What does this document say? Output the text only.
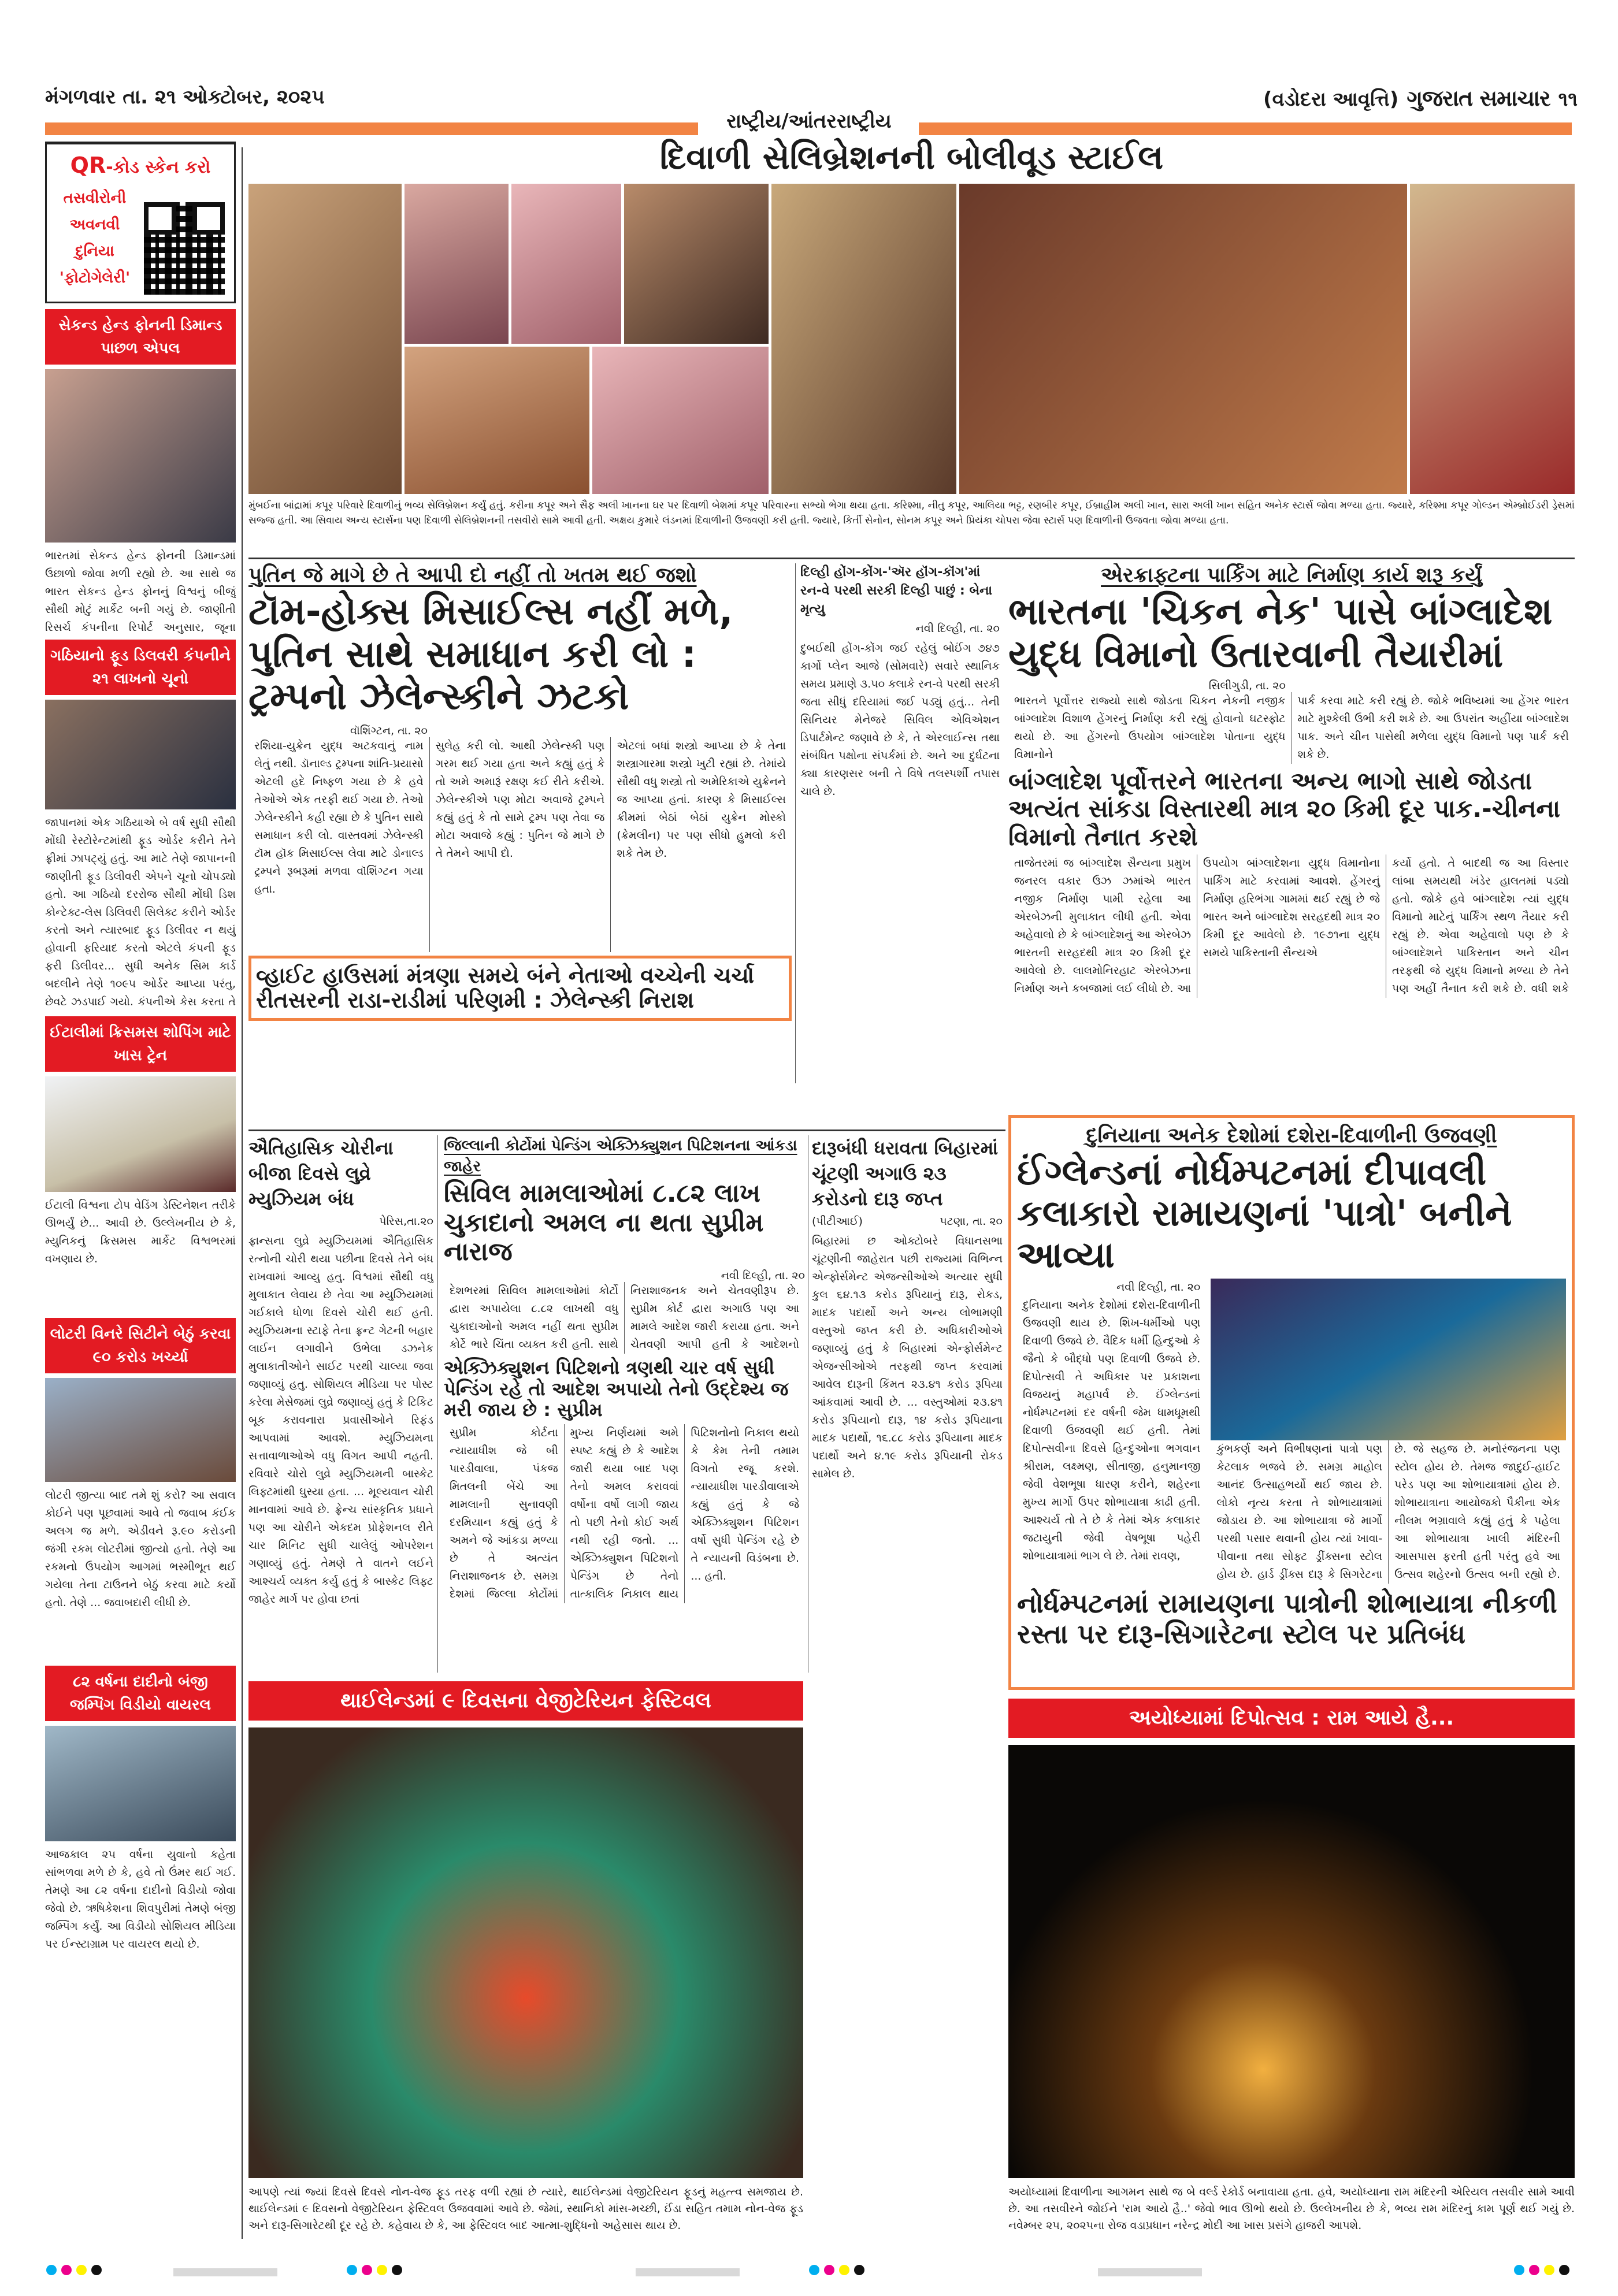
મંગળવાર તા. ૨૧ ઓક્ટોબર, ૨૦૨૫	(વડોદરા આવૃત્તિ) ગુજરાત સમાચાર ૧૧
રાષ્ટ્રીય/આંતરરાષ્ટ્રીય
દિવાળી સેલિબ્રેશનની બોલીવૂડ સ્ટાઈલ
QR-કોડ સ્કેન કરો
તસવીરોની
અવનવી
દુનિયા
'ફોટોગેલેરી'
સેકન્ડ હેન્ડ ફોનની ડિમાન્ડ પાછળ એપલ
ભારતમાં સેકન્ડ હેન્ડ ફોનની ડિમાન્ડમાં ઉછાળો જોવા મળી રહ્યો છે. આ સાથે જ ભારત સેકન્ડ હેન્ડ ફોનનું વિશ્વનું બીજું સૌથી મોટું માર્કેટ બની ગયું છે. જાણીતી રિસર્ચ કંપનીના રિપોર્ટ અનુસાર, જૂના
ગઠિયાનો ફૂડ ડિલવરી કંપનીને ૨૧ લાખનો ચૂનો
જાપાનમાં એક ગઠિયાએ બે વર્ષ સુધી સૌથી મોંઘી રેસ્ટોરેન્ટમાંથી ફૂડ ઓર્ડર કરીને તેને ફ્રીમાં ઝાપટ્યું હતું. આ માટે તેણે જાપાનની જાણીતી ફૂડ ડિલીવરી એપને ચૂનો ચોપડ્યો હતો. આ ગઠિયો દરરોજ સૌથી મોંઘી ડિશ કોન્ટેક્ટ-લેસ ડિલિવરી સિલેક્ટ કરીને ઓર્ડર કરતો અને ત્યારબાદ ફૂડ ડિલીવર ન થયું હોવાની ફરિયાદ કરતો એટલે કંપની ફૂડ ફરી ડિલીવર... સુધી અનેક સિમ કાર્ડ બદલીને તેણે ૧૦૯૫ ઓર્ડર આપ્યા પરંતુ, છેવટે ઝડપાઈ ગયો. કંપનીએ કેસ કરતા તે
ઈટાલીમાં ક્રિસમસ શોપિંગ માટે ખાસ ટ્રેન
ઈટાલી વિશ્વના ટોપ વેડિંગ ડેસ્ટિનેશન તરીકે ઊભર્યું છે... આવી છે. ઉલ્લેખનીય છે કે, મ્યુનિકનું ક્રિસમસ માર્કેટ વિશ્વભરમાં વખણાય છે.
લોટરી વિનરે સિટીને બેઠું કરવા ૯૦ કરોડ ખર્ચ્યા
લોટરી જીત્યા બાદ તમે શું કરો? આ સવાલ કોઈને પણ પૂછવામાં આવે તો જવાબ કંઈક અલગ જ મળે. એડીવને રૂ.૯૦ કરોડની જંગી રકમ લોટરીમાં જીત્યો હતો. તેણે આ રકમનો ઉપયોગ આગમાં ભસ્મીભૂત થઈ ગયેલા તેના ટાઉનને બેઠું કરવા માટે કર્યો હતો. તેણે ... જવાબદારી લીધી છે.
૮૨ વર્ષના દાદીનો બંજી જમ્પિંગ વિડીયો વાયરલ
આજકાલ ૨૫ વર્ષના યુવાનો કહેતા સાંભળવા મળે છે કે, હવે તો ઉંમર થઈ ગઈ. તેમણે આ ૮૨ વર્ષના દાદીનો વિડીયો જોવા જેવો છે. ઋષિકેશના શિવપુરીમાં તેમણે બંજી જમ્પિંગ કર્યું. આ વિડીયો સોશિયલ મીડિયા પર ઈન્સ્ટાગ્રામ પર વાયરલ થયો છે.
મુંબઈના બાંદ્રામાં કપૂર પરિવારે દિવાળીનું ભવ્ય સેલિબ્રેશન કર્યું હતું. કરીના કપૂર અને સૈફ અલી ખાનના ઘર પર દિવાળી બેશમાં કપૂર પરિવારના સભ્યો ભેગા થયા હતા. કરિશ્મા, નીતુ કપૂર, આલિયા ભટ્ટ, રણબીર કપૂર, ઈબ્રાહીમ અલી ખાન, સારા અલી ખાન સહિત અનેક સ્ટાર્સ જોવા મળ્યા હતા. જ્યારે, કરિશ્મા કપૂર ગોલ્ડન એમ્બ્રોઈડરી ડ્રેસમાં સજ્જ હતી. આ સિવાય અન્ય સ્ટાર્સના પણ દિવાળી સેલિબ્રેશનની તસવીરો સામે આવી હતી. અક્ષય કુમારે લંડનમાં દિવાળીની ઉજવણી કરી હતી. જ્યારે, કિર્તી સેનોન, સોનમ કપૂર અને પ્રિયંકા ચોપરા જેવા સ્ટાર્સ પણ દિવાળીની ઉજવતા જોવા મળ્યા હતા.
પુતિન જે માગે છે તે આપી દો નહીં તો ખતમ થઈ જશો
ટૉમ-હોક્સ મિસાઈલ્સ નહીં મળે, પુતિન સાથે સમાધાન કરી લો : ટ્રમ્પનો ઝેલેન્સ્કીને ઝટકો
વૉશિંગ્ટન, તા. ૨૦
રશિયા-યુક્રેન યુદ્ધ અટકવાનું નામ લેતું નથી. ડૉનાલ્ડ ટ્રમ્પના શાંતિ-પ્રયાસો એટલી હદે નિષ્ફળ ગયા છે કે હવે તેઓએ એક તરફી થઈ ગયા છે. તેઓ ઝેલેન્સ્કીને કહી રહ્યા છે કે પુતિન સાથે સમાધાન કરી લો. વાસ્તવમાં ઝેલેન્સ્કી ટૉમ હૉક મિસાઈલ્સ લેવા માટે ડોનાલ્ડ ટ્રમ્પને રૂબરૂમાં મળવા વૉશિંગ્ટન ગયા હતા.
સુલેહ કરી લો. આથી ઝેલેન્સ્કી પણ ગરમ થઈ ગયા હતા અને કહ્યું હતું કે તો અમે અમારૂં રક્ષણ કઈ રીતે કરીએ. ઝેલેન્સ્કીએ પણ મોટા અવાજે ટ્રમ્પને કહ્યું હતું કે તો સામે ટ્રમ્પ પણ તેવા જ મોટા અવાજે કહ્યું : પુતિન જે માગે છે તે તેમને આપી દો.
એટલાં બધાં શસ્ત્રો આપ્યા છે કે તેના શસ્ત્રાગારમા શસ્ત્રો ખુટી રહ્યાં છે. તેમાંયે સૌથી વધુ શસ્ત્રો તો અમેરિકાએ યુક્રેનને જ આપ્યા હતાં. કારણ કે મિસાઈલ્સ ક્રીમમાં બેઠાં બેઠાં યુક્રેન મોસ્કો (ક્રેમલીન) પર પણ સીધો હુમલો કરી શકે તેમ છે.
વ્હાઈટ હાઉસમાં મંત્રણા સમયે બંને નેતાઓ વચ્ચેની ચર્ચા રીતસરની રાડા-રાડીમાં પરિણમી : ઝેલેન્સ્કી નિરાશ
દિલ્હી હોંગ-કોંગ-'ઍર હૉંગ-કૉંગ'માં રન-વે પરથી સરકી દિલ્હી પાછું : બેના મૃત્યુ
નવી દિલ્હી, તા. ૨૦
દુબઈથી હોંગ-કોંગ જઈ રહેલું બોઈંગ ૭૪૭ કાર્ગો પ્લેન આજે (સોમવારે) સવારે સ્થાનિક સમય પ્રમાણે ૩.૫૦ કલાકે રન-વે પરથી સરકી જતા સીધું દરિયામાં જઈ પડ્યું હતું... તેની સિનિયર મેનેજરે સિવિલ એવિએશન ડિપાર્ટમેન્ટ જણાવે છે કે, તે એરલાઈન્સ તથા સંબંધિત પક્ષોના સંપર્કમાં છે. અને આ દુર્ઘટના ક્યા કારણસર બની તે વિષે તલસ્પર્શી તપાસ ચાલે છે.
એરક્રાફ્ટના પાર્કિંગ માટે નિર્માણ કાર્ય શરૂ કર્યું
ભારતના 'ચિકન નેક' પાસે બાંગ્લાદેશ યુદ્ધ વિમાનો ઉતારવાની તૈયારીમાં
સિલીગુડી, તા. ૨૦
ભારતને પૂર્વોત્તર રાજ્યો સાથે જોડતા ચિકન નેકની નજીક બાંગ્લાદેશ વિશાળ હેંગરનું નિર્માણ કરી રહ્યું હોવાનો ઘટસ્ફોટ થયો છે. આ હેંગરનો ઉપયોગ બાંગ્લાદેશ પોતાના યુદ્ધ વિમાનોને
પાર્ક કરવા માટે કરી રહ્યું છે. જોકે ભવિષ્યમાં આ હેંગર ભારત માટે મુશ્કેલી ઉભી કરી શકે છે. આ ઉપરાંત અહીંયા બાંગ્લાદેશ પાક. અને ચીન પાસેથી મળેલા યુદ્ધ વિમાનો પણ પાર્ક કરી શકે છે.
બાંગ્લાદેશ પૂર્વોત્તરને ભારતના અન્ય ભાગો સાથે જોડતા અત્યંત સાંકડા વિસ્તારથી માત્ર ૨૦ કિમી દૂર પાક.-ચીનના વિમાનો તૈનાત કરશે
તાજેતરમાં જ બાંગ્લાદેશ સૈન્યના પ્રમુખ જનરલ વકાર ઉઝ ઝમાંએ ભારત નજીક નિર્માણ પામી રહેલા આ એરબેઝની મુલાકાત લીધી હતી. એવા અહેવાલો છે કે બાંગ્લાદેશનું આ એરબેઝ ભારતની સરહદથી માત્ર ૨૦ કિમી દૂર આવેલો છે. લાલમોનિરહાટ એરબેઝના નિર્માણ અને કબજામાં લઈ લીધો છે. આ
ઉપયોગ બાંગ્લાદેશના યુદ્ધ વિમાનોના પાર્કિંગ માટે કરવામાં આવશે. હેંગરનું નિર્માણ હરિભંગા ગામમાં થઈ રહ્યું છે જે ભારત અને બાંગ્લાદેશ સરહદથી માત્ર ૨૦ કિમી દૂર આવેલો છે. ૧૯૭૧ના યુદ્ધ સમયે પાકિસ્તાની સૈન્યએ
કર્યો હતો. તે બાદથી જ આ વિસ્તાર લાંબા સમયથી ખંડેર હાલતમાં પડ્યો હતો. જોકે હવે બાંગ્લાદેશ ત્યાં યુદ્ધ વિમાનો માટેનું પાર્કિંગ સ્થળ તૈયાર કરી રહ્યું છે. એવા અહેવાલો પણ છે કે બાંગ્લાદેશને પાકિસ્તાન અને ચીન તરફથી જે યુદ્ધ વિમાનો મળ્યા છે તેને પણ અહીં તૈનાત કરી શકે છે. વધી શકે
ઐતિહાસિક ચોરીના બીજા દિવસે લુવ્રે મ્યુઝિયમ બંધ
પેરિસ,તા.૨૦
ફ્રાન્સના લુવ્રે મ્યુઝિયમમાં ઐતિહાસિક રત્નોની ચોરી થયા પછીના દિવસે તેને બંધ રાખવામાં આવ્યુ હતુ. વિશ્વમાં સૌથી વધુ મુલાકાત લેવાય છે તેવા આ મ્યુઝિયમમાં ગઈકાલે ધોળા દિવસે ચોરી થઈ હતી. મ્યુઝિયમના સ્ટાફે તેના ફ્રન્ટ ગેટની બહાર લાઈન લગાવીને ઉભેલા ડઝનેક મુલાકાતીઓને સાઈટ પરથી ચાલ્યા જવા જણાવ્યું હતુ. સોશિયલ મીડિયા પર પોસ્ટ કરેલા મેસેજમાં લુવ્રે જણાવ્યું હતું કે ટિકિટ બૂક કરાવનારા પ્રવાસીઓને રિફંડ આપવામાં આવશે. મ્યુઝિયમના સત્તાવાળાઓએ વધુ વિગત આપી નહતી. રવિવારે ચોરો લુવ્રે મ્યુઝિયમની બાસ્કેટ લિફ્ટમાંથી ઘુસ્યા હતા. ... મૂલ્યવાન ચોરી માનવામાં આવે છે. ફ્રેન્ચ સાંસ્કૃતિક પ્રધાને પણ આ ચોરીને એકદમ પ્રોફેશનલ રીતે ચાર મિનિટ સુધી ચાલેલું ઓપરેશન ગણાવ્યું હતું. તેમણે તે વાતને લઈને આશ્ચર્ય વ્યક્ત કર્યુ હતું કે બાસ્કેટ લિફ્ટ જાહેર માર્ગ પર હોવા છતાં
જિલ્લાની કોર્ટોમાં પેન્ડિંગ એક્ઝિક્યુશન પિટિશનના આંકડા જાહેર
સિવિલ મામલાઓમાં ૮.૮૨ લાખ ચુકાદાનો અમલ ના થતા સુપ્રીમ નારાજ
નવી દિલ્હી, તા. ૨૦
દેશભરમાં સિવિલ મામલાઓમાં કોર્ટો દ્વારા અપાયેલા ૮.૮૨ લાખથી વધુ ચુકાદાઓનો અમલ નહીં થતા સુપ્રીમ કોર્ટે ભારે ચિંતા વ્યક્ત કરી હતી. સાથે
નિરાશાજનક અને ચેતવણીરૂપ છે. સુપ્રીમ કોર્ટ દ્વારા અગાઉ પણ આ મામલે આદેશ જારી કરાયા હતા. અને ચેતવણી આપી હતી કે આદેશનો
એક્ઝિક્યુશન પિટિશનો ત્રણથી ચાર વર્ષ સુધી પેન્ડિંગ રહે તો આદેશ અપાયો તેનો ઉદ્દેશ્ય જ મરી જાય છે : સુપ્રીમ
સુપ્રીમ કોર્ટના ન્યાયાધીશ જે બી પારડીવાલા, પંકજ મિતલની બેંચે આ મામલાની સુનાવણી દરમિયાન કહ્યું હતું કે અમને જે આંકડા મળ્યા છે તે અત્યંત નિરાશાજનક છે. સમગ્ર દેશમાં જિલ્લા કોર્ટોમાં
મુખ્ય નિર્ણયમાં અમે સ્પષ્ટ કહ્યું છે કે આદેશ જારી થયા બાદ પણ તેનો અમલ કરાવવાં વર્ષોના વર્ષો લાગી જાય તો પછી તેનો કોઈ અર્થ નથી રહી જતો. ... એક્ઝિક્યુશન પિટિશનો પેન્ડિંગ છે તેનો તાત્કાલિક નિકાલ થાય
પિટિશનોનો નિકાલ થયો કે કેમ તેની તમામ વિગતો રજૂ કરશે. ન્યાયાધીશ પારડીવાલાએ કહ્યું હતું કે જે એક્ઝિક્યુશન પિટિશન વર્ષો સુધી પેન્ડિંગ રહે છે તે ન્યાયની વિડંબના છે. ... હતી.
દારૂબંધી ધરાવતા બિહારમાં ચૂંટણી અગાઉ ૨૩ કરોડનો દારૂ જપ્ત
(પીટીઆઈ)	પટણા, તા. ૨૦
બિહારમાં છ ઓક્ટોબરે વિધાનસભા ચૂંટણીની જાહેરાત પછી રાજ્યમાં વિભિન્ન એન્ફોર્સમેન્ટ એજન્સીઓએ અત્યાર સુધી કુલ ૬૪.૧૩ કરોડ રૂપિયાનું દારૂ, રોકડ, માદક પદાર્થો અને અન્ય લોભામણી વસ્તુઓ જપ્ત કરી છે. અધિકારીઓએ જણાવ્યું હતું કે બિહારમાં એન્ફોર્સમેન્ટ એજન્સીઓએ તરફથી જપ્ત કરવામાં આવેલ દારૂની કિંમત ૨૩.૪૧ કરોડ રૂપિયા આંકવામાં આવી છે. ... વસ્તુઓમાં ૨૩.૪૧ કરોડ રૂપિયાનો દારૂ, ૧૪ કરોડ રૂપિયાના માદક પદાર્થો, ૧૬.૮૮ કરોડ રૂપિયાના માદક પદાર્થો અને ૪.૧૯ કરોડ રૂપિયાની રોકડ સામેલ છે.
થાઈલેન્ડમાં ૯ દિવસના વેજીટેરિયન ફેસ્ટિવલ
આપણે ત્યાં જ્યાં દિવસે દિવસે નોન-વેજ ફૂડ તરફ વળી રહ્યાં છે ત્યારે, થાઈલેન્ડમાં વેજીટેરિયન ફૂડનું મહત્ત્વ સમજાય છે. થાઈલેન્ડમાં ૯ દિવસનો વેજીટેરિયન ફેસ્ટિવલ ઉજવવામાં આવે છે. જેમાં, સ્થાનિકો માંસ-મચ્છી, ઈંડા સહિત તમામ નોન-વેજ ફૂડ અને દારૂ-સિગારેટથી દૂર રહે છે. કહેવાય છે કે, આ ફેસ્ટિવલ બાદ આત્મા-શુદ્ધિનો અહેસાસ થાય છે.
દુનિયાના અનેક દેશોમાં દશેરા-દિવાળીની ઉજવણી
ઈંગ્લેન્ડનાં નોર્ધમ્પટનમાં દીપાવલી કલાકારો રામાયણનાં 'પાત્રો' બનીને આવ્યા
નવી દિલ્હી, તા. ૨૦
દુનિયાના અનેક દેશોમાં દશેરા-દિવાળીની ઉજવણી થાય છે. શિખ-ધર્મીઓ પણ દિવાળી ઉજવે છે. વૈદિક ધર્મી હિન્દુઓ કે જૈનો કે બૌદ્ધો પણ દિવાળી ઉજવે છે. દિપોત્સવી તે અધિકાર પર પ્રકાશના વિજયનું મહાપર્વ છે. ઈંગ્લેન્ડનાં નોર્ધમ્પટનમાં દર વર્ષની જેમ ધામધૂમથી દિવાળી ઉજવણી થઈ હતી. તેમાં દિપોત્સવીના દિવસે હિન્દુઓના ભગવાન શ્રીરામ, લક્ષ્મણ, સીતાજી, હનુમાનજી જેવી વેશભૂષા ધારણ કરીને, શહેરના મુખ્ય માર્ગો ઉપર શોભાયાત્રા કાઢી હતી. આશ્ચર્ય તો તે છે કે તેમાં એક કલાકાર જટાયુની જેવી વેષભૂષા પહેરી શોભાયાત્રામાં ભાગ લે છે. તેમાં રાવણ,
કુંભકર્ણ અને વિભીષણનાં પાત્રો પણ કેટલાક ભજવે છે. સમગ્ર માહોલ આનંદ ઉત્સાહભર્યો થઈ જાય છે. લોકો નૃત્ય કરતા તે શોભાયાત્રામાં જોડાય છે. આ શોભાયાત્રા જે માર્ગો પરથી પસાર થવાની હોય ત્યાં ખાવા-પીવાના તથા સોફ્ટ ડ્રીંક્સના સ્ટોલ હોય છે. હાર્ડ ડ્રીંક્સ દારૂ કે સિગરેટના
છે. જે સહજ છે. મનોરંજનના પણ સ્ટોલ હોય છે. તેમજ જાદુઈ-હાઈટ પરેડ પણ આ શોભાયાત્રામાં હોય છે. શોભાયાત્રાના આયોજકો પૈકીના એક નીલમ ભગ્રાવાલે કહ્યું હતું કે પહેલા આ શોભાયાત્રા ખાલી મંદિરની આસપાસ ફરતી હતી પરંતુ હવે આ ઉત્સવ શહેરનો ઉત્સવ બની રહ્યો છે.
નોર્ધમ્પટનમાં રામાયણના પાત્રોની શોભાયાત્રા નીકળી રસ્તા પર દારૂ-સિગારેટના સ્ટોલ પર પ્રતિબંધ
અયોધ્યામાં દિપોત્સવ : રામ આયે હૈ...
અયોધ્યામાં દિવાળીના આગમન સાથે જ બે વર્લ્ડ રેકોર્ડ બનાવાયા હતા. હવે, અયોધ્યાના રામ મંદિરની એરિયલ તસવીર સામે આવી છે. આ તસવીરને જોઈને 'રામ આયે હૈ..' જેવો ભાવ ઊભો થયો છે. ઉલ્લેખનીય છે કે, ભવ્ય રામ મંદિરનું કામ પૂર્ણ થઈ ગયું છે. નવેમ્બર ૨૫, ૨૦૨૫ના રોજ વડાપ્રધાન નરેન્દ્ર મોદી આ ખાસ પ્રસંગે હાજરી આપશે.
